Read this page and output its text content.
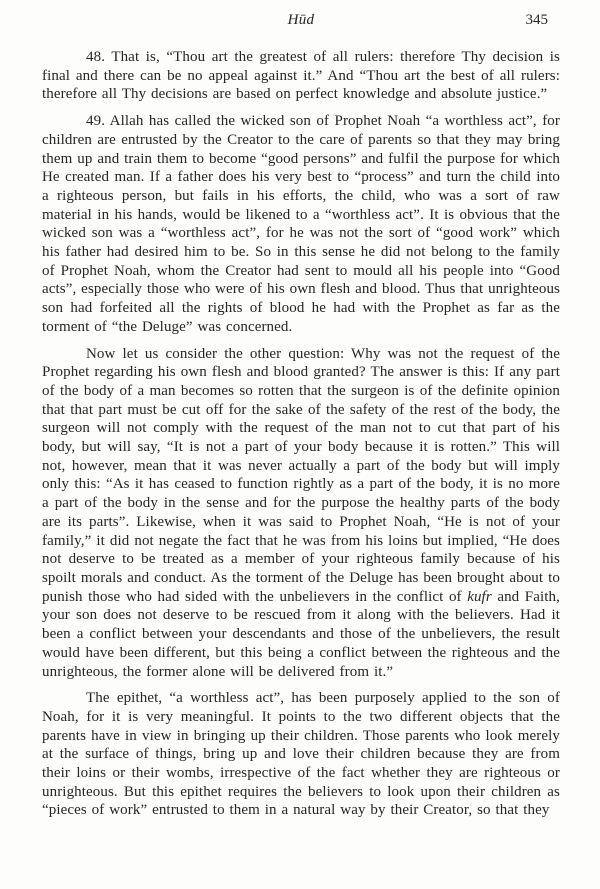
Hūd	345

48. That is, “Thou art the greatest of all rulers: therefore Thy decision is final and there can be no appeal against it.” And “Thou art the best of all rulers: therefore all Thy decisions are based on perfect knowledge and absolute justice.”

49. Allah has called the wicked son of Prophet Noah “a worthless act”, for children are entrusted by the Creator to the care of parents so that they may bring them up and train them to become “good persons” and fulfil the purpose for which He created man. If a father does his very best to “process” and turn the child into a righteous person, but fails in his efforts, the child, who was a sort of raw material in his hands, would be likened to a “worthless act”. It is obvious that the wicked son was a “worthless act”, for he was not the sort of “good work” which his father had desired him to be. So in this sense he did not belong to the family of Prophet Noah, whom the Creator had sent to mould all his people into “Good acts”, especially those who were of his own flesh and blood. Thus that unrighteous son had forfeited all the rights of blood he had with the Prophet as far as the torment of “the Deluge” was concerned.

Now let us consider the other question: Why was not the request of the Prophet regarding his own flesh and blood granted? The answer is this: If any part of the body of a man becomes so rotten that the surgeon is of the definite opinion that that part must be cut off for the sake of the safety of the rest of the body, the surgeon will not comply with the request of the man not to cut that part of his body, but will say, “It is not a part of your body because it is rotten.” This will not, however, mean that it was never actually a part of the body but will imply only this: “As it has ceased to function rightly as a part of the body, it is no more a part of the body in the sense and for the purpose the healthy parts of the body are its parts”. Likewise, when it was said to Prophet Noah, “He is not of your family,” it did not negate the fact that he was from his loins but implied, “He does not deserve to be treated as a member of your righteous family because of his spoilt morals and conduct. As the torment of the Deluge has been brought about to punish those who had sided with the unbelievers in the conflict of kufr and Faith, your son does not deserve to be rescued from it along with the believers. Had it been a conflict between your descendants and those of the unbelievers, the result would have been different, but this being a conflict between the righteous and the unrighteous, the former alone will be delivered from it.”

The epithet, “a worthless act”, has been purposely applied to the son of Noah, for it is very meaningful. It points to the two different objects that the parents have in view in bringing up their children. Those parents who look merely at the surface of things, bring up and love their children because they are from their loins or their wombs, irrespective of the fact whether they are righteous or unrighteous. But this epithet requires the believers to look upon their children as “pieces of work” entrusted to them in a natural way by their Creator, so that they
